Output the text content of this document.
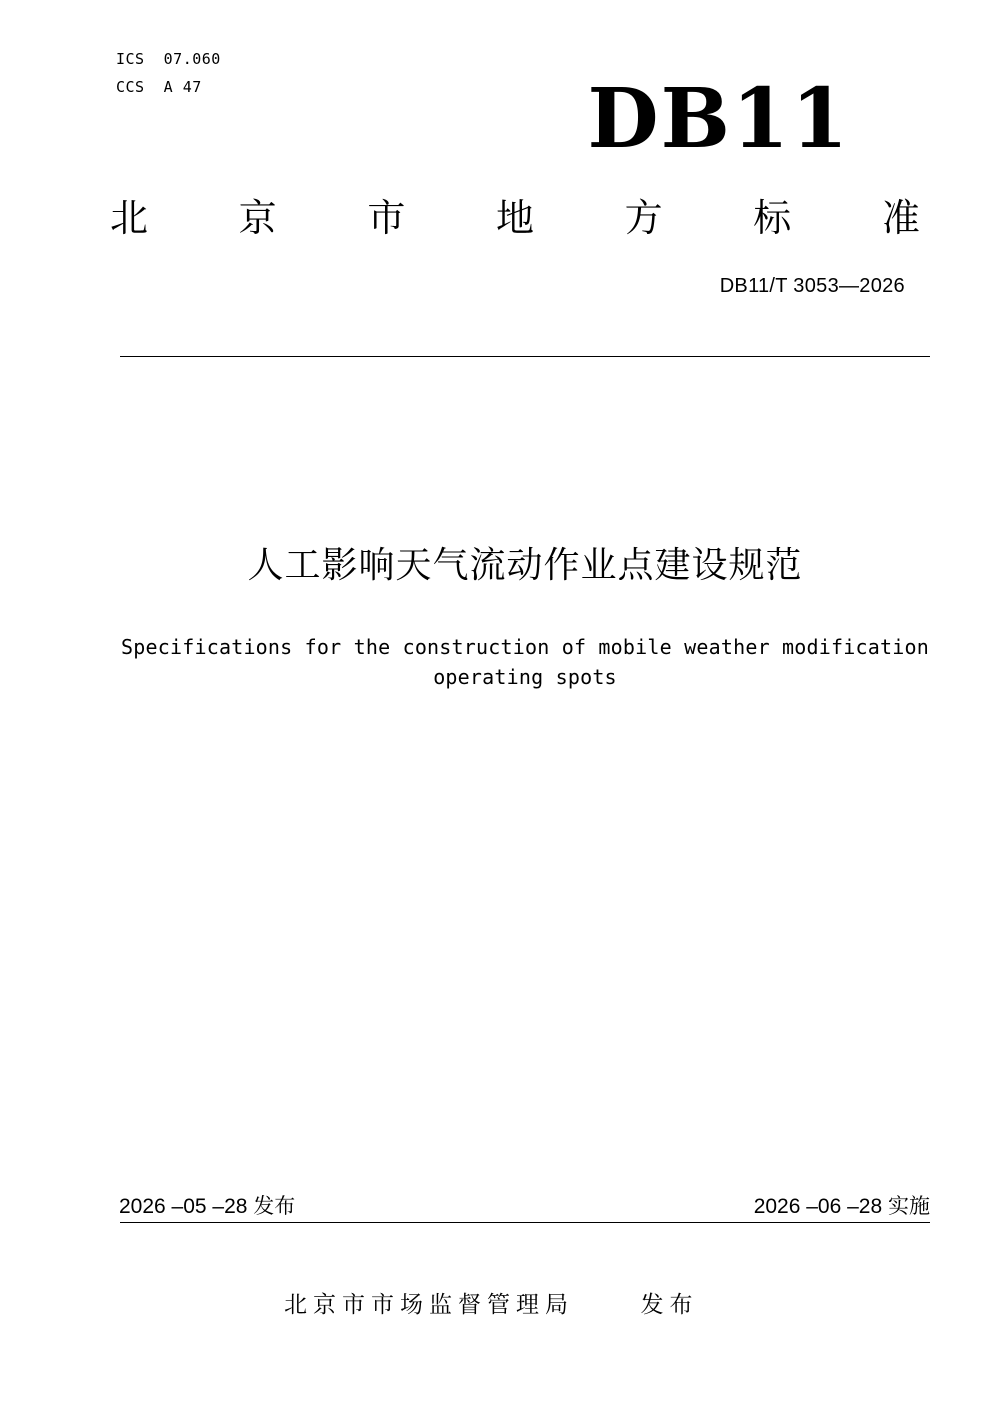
ICS  07.060
CCS  A 47	DB11
北 京 市 地 方 标 准
DB11/T 3053—2026
人工影响天气流动作业点建设规范
Specifications for the construction of mobile weather modification
operating spots
2026 –05 –28 发布	2026 –06 –28 实施
北京市市场监督管理局     发布
